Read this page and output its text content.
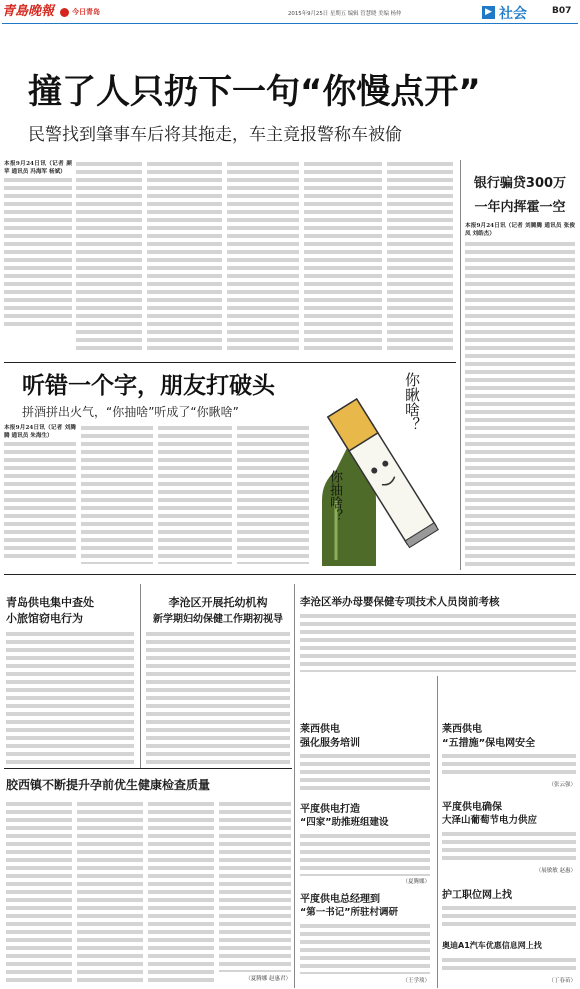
青島晚報	今日青岛	2015年9月25日 星期五 编辑 管慧晓 美编 杨仲	▶ 社会	B07
撞了人只扔下一句“你慢点开”
民警找到肇事车后将其拖走，车主竟报警称车被偷
本报9月24日讯（记者 颜苹 通讯员 冯海军 杨斌）
银行骗贷300万
一年内挥霍一空
本报9月24日讯（记者 刘腾腾 通讯员 张俊凤 刘皓杰）
听错一个字，朋友打破头
拼酒拼出火气，“你抽啥”听成了“你瞅啥”
本报9月24日讯（记者 刘腾腾 通讯员 朱海生）
你瞅啥？
你抽啥？
青岛供电集中查处
小旅馆窃电行为
李沧区开展托幼机构
新学期妇幼保健工作期初视导
李沧区举办母婴保健专项技术人员岗前考核
胶西镇不断提升孕前优生健康检查质量
（夏腾娜 赵惠君）
莱西供电
强化服务培训
平度供电打造
“四家”助推班组建设
（夏腾娜）
平度供电总经理到
“第一书记”所驻村调研
（王学琰）
莱西供电
“五措施”保电网安全
（张云强）
平度供电确保
大泽山葡萄节电力供应
（展敏敏 赵惠）
护工职位网上找
奥迪A1汽车优惠信息网上找
（丁春苗）
